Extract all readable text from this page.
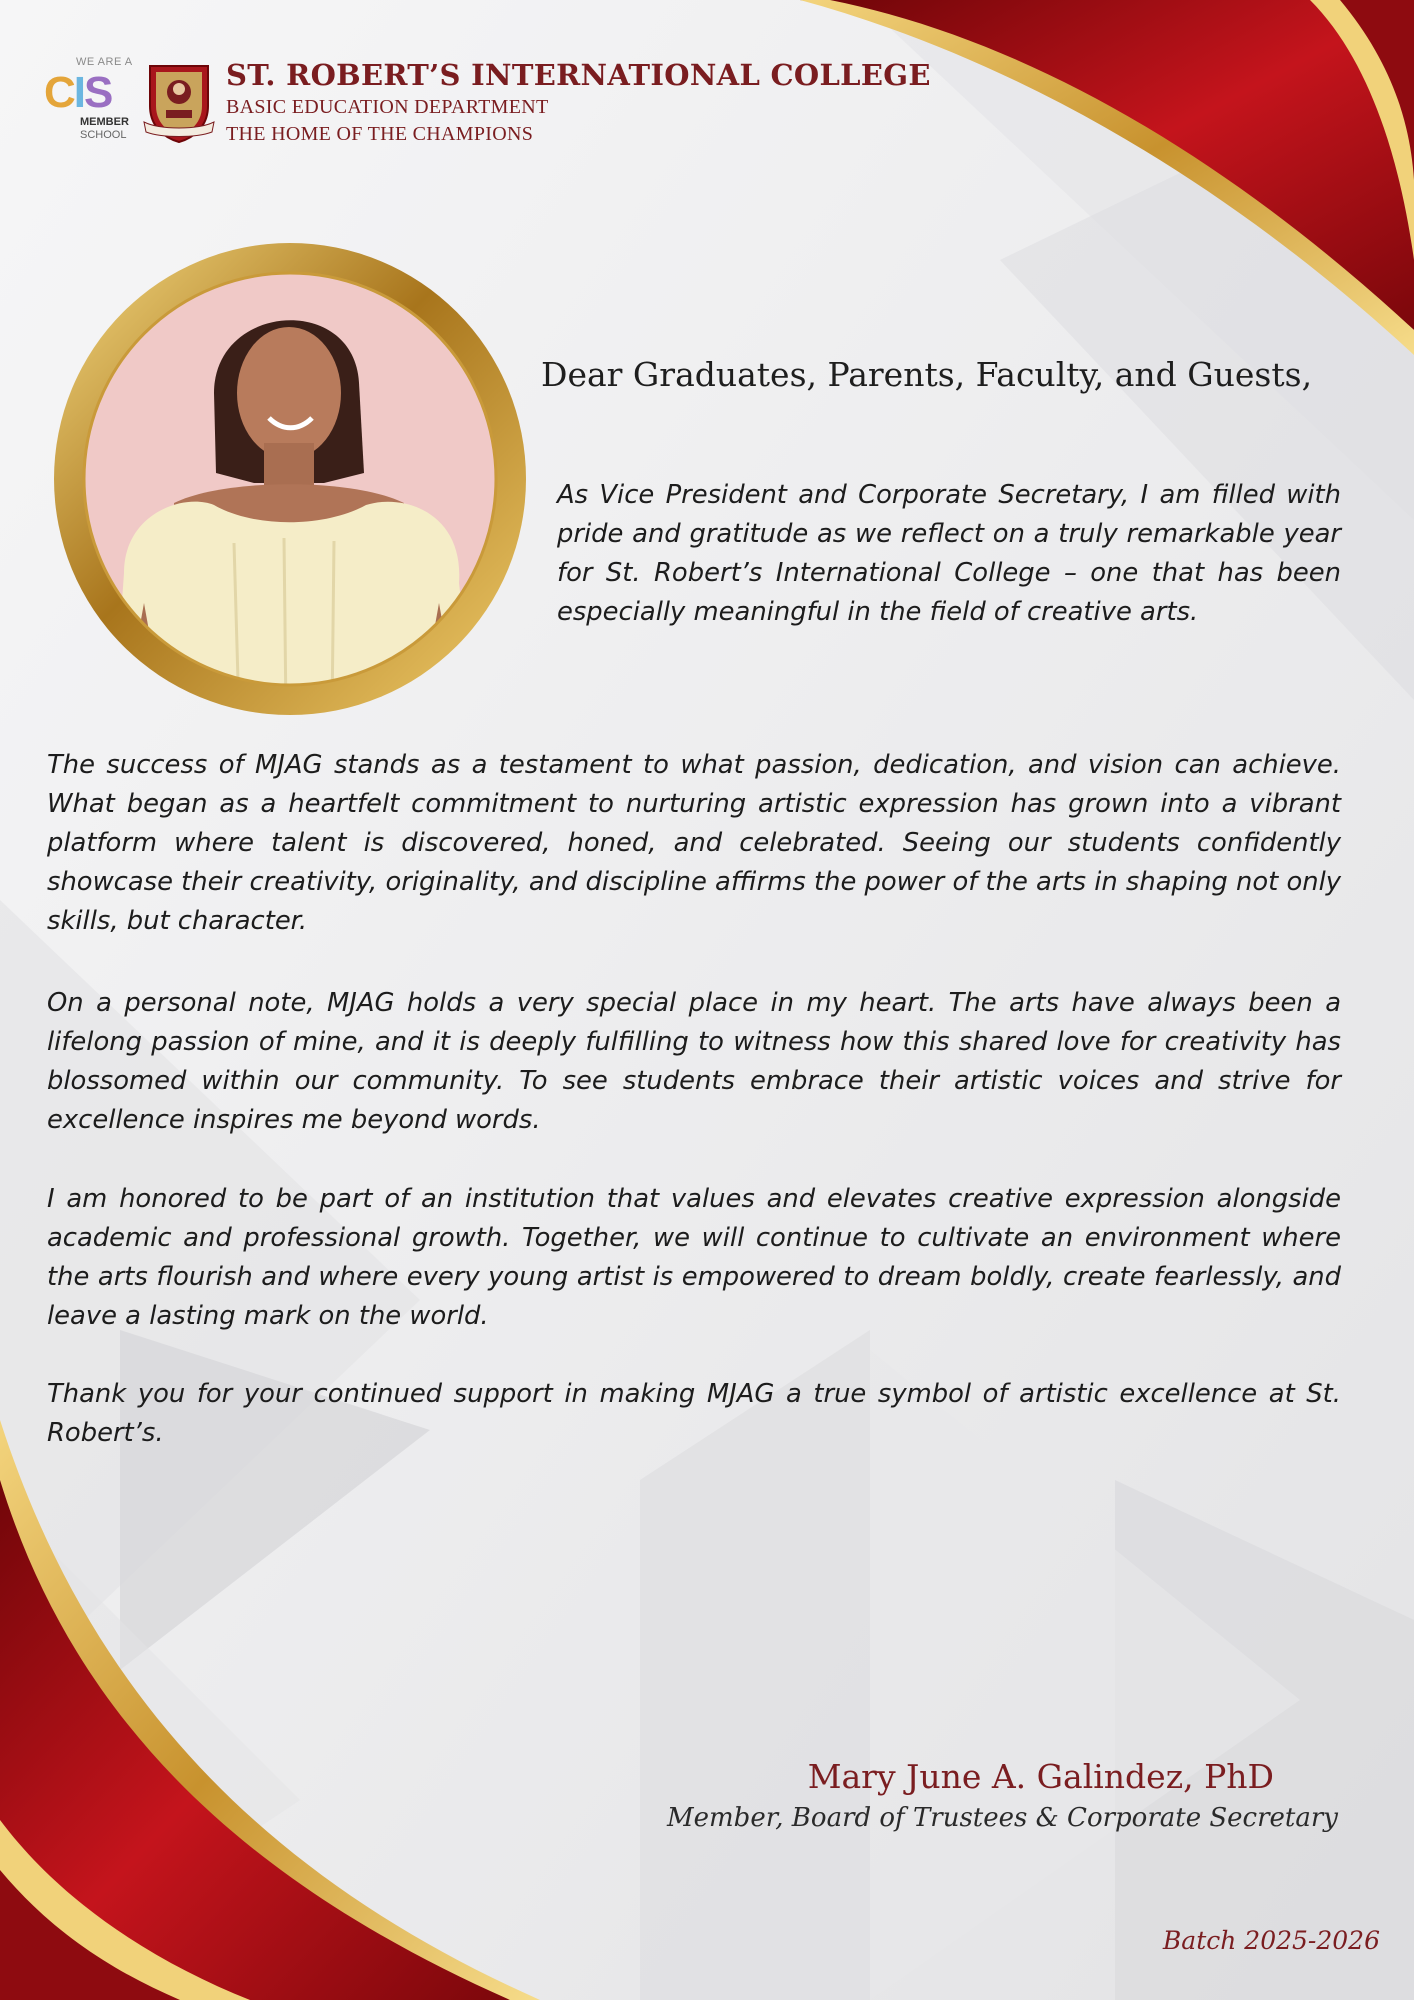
WE ARE A
CIS
MEMBER
SCHOOL
ST. ROBERT’S INTERNATIONAL COLLEGE
BASIC EDUCATION DEPARTMENT
THE HOME OF THE CHAMPIONS
Dear Graduates, Parents, Faculty, and Guests,

As Vice President and Corporate Secretary, I am filled with pride and gratitude as we reflect on a truly remarkable year for St. Robert’s International College – one that has been especially meaningful in the field of creative arts.

The success of MJAG stands as a testament to what passion, dedication, and vision can achieve. What began as a heartfelt commitment to nurturing artistic expression has grown into a vibrant platform where talent is discovered, honed, and celebrated. Seeing our students confidently showcase their creativity, originality, and discipline affirms the power of the arts in shaping not only skills, but character.

On a personal note, MJAG holds a very special place in my heart. The arts have always been a lifelong passion of mine, and it is deeply fulfilling to witness how this shared love for creativity has blossomed within our community. To see students embrace their artistic voices and strive for excellence inspires me beyond words.

I am honored to be part of an institution that values and elevates creative expression alongside academic and professional growth. Together, we will continue to cultivate an environment where the arts flourish and where every young artist is empowered to dream boldly, create fearlessly, and leave a lasting mark on the world.

Thank you for your continued support in making MJAG a true symbol of artistic excellence at St. Robert’s.

Mary June A. Galindez, PhD
Member, Board of Trustees & Corporate Secretary
Batch 2025-2026
